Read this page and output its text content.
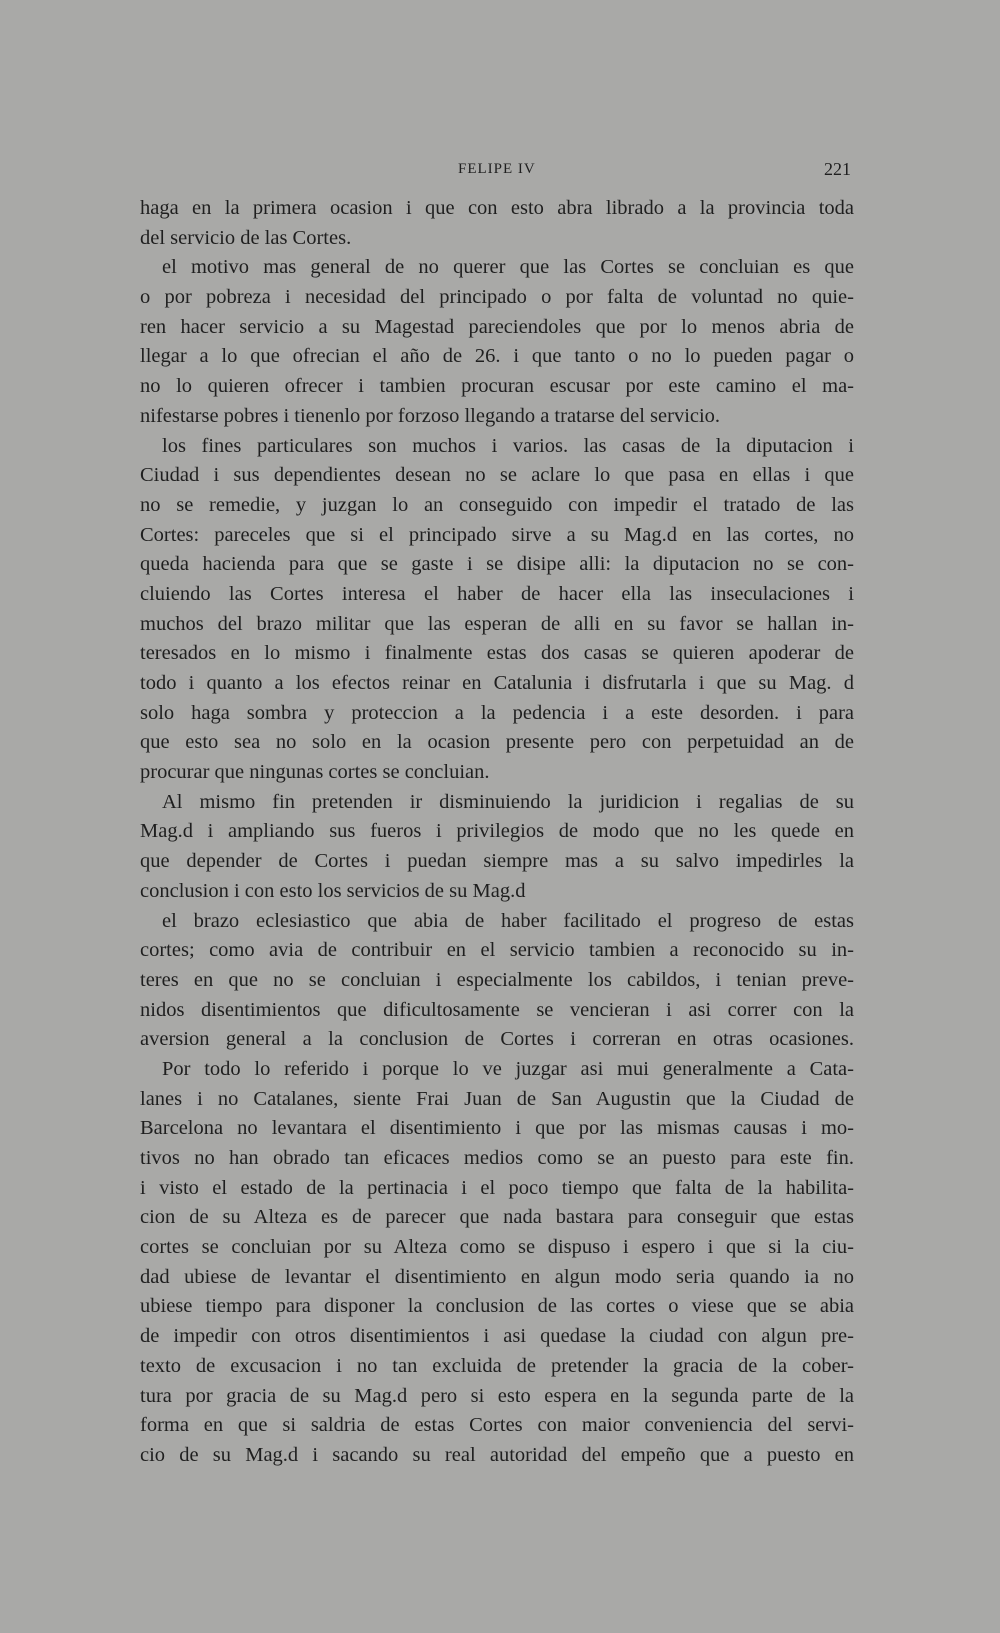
FELIPE IV	221
haga en la primera ocasion i que con esto abra librado a la provincia toda
del servicio de las Cortes.
el motivo mas general de no querer que las Cortes se concluian es que
o por pobreza i necesidad del principado o por falta de voluntad no quie-
ren hacer servicio a su Magestad pareciendoles que por lo menos abria de
llegar a lo que ofrecian el año de 26. i que tanto o no lo pueden pagar o
no lo quieren ofrecer i tambien procuran escusar por este camino el ma-
nifestarse pobres i tienenlo por forzoso llegando a tratarse del servicio.
los fines particulares son muchos i varios. las casas de la diputacion i
Ciudad i sus dependientes desean no se aclare lo que pasa en ellas i que
no se remedie, y juzgan lo an conseguido con impedir el tratado de las
Cortes: pareceles que si el principado sirve a su Mag.d en las cortes, no
queda hacienda para que se gaste i se disipe alli: la diputacion no se con-
cluiendo las Cortes interesa el haber de hacer ella las inseculaciones i
muchos del brazo militar que las esperan de alli en su favor se hallan in-
teresados en lo mismo i finalmente estas dos casas se quieren apoderar de
todo i quanto a los efectos reinar en Catalunia i disfrutarla i que su Mag. d
solo haga sombra y proteccion a la pedencia i a este desorden. i para
que esto sea no solo en la ocasion presente pero con perpetuidad an de
procurar que ningunas cortes se concluian.
Al mismo fin pretenden ir disminuiendo la juridicion i regalias de su
Mag.d i ampliando sus fueros i privilegios de modo que no les quede en
que depender de Cortes i puedan siempre mas a su salvo impedirles la
conclusion i con esto los servicios de su Mag.d
el brazo eclesiastico que abia de haber facilitado el progreso de estas
cortes; como avia de contribuir en el servicio tambien a reconocido su in-
teres en que no se concluian i especialmente los cabildos, i tenian preve-
nidos disentimientos que dificultosamente se vencieran i asi correr con la
aversion general a la conclusion de Cortes i correran en otras ocasiones.
Por todo lo referido i porque lo ve juzgar asi mui generalmente a Cata-
lanes i no Catalanes, siente Frai Juan de San Augustin que la Ciudad de
Barcelona no levantara el disentimiento i que por las mismas causas i mo-
tivos no han obrado tan eficaces medios como se an puesto para este fin.
i visto el estado de la pertinacia i el poco tiempo que falta de la habilita-
cion de su Alteza es de parecer que nada bastara para conseguir que estas
cortes se concluian por su Alteza como se dispuso i espero i que si la ciu-
dad ubiese de levantar el disentimiento en algun modo seria quando ia no
ubiese tiempo para disponer la conclusion de las cortes o viese que se abia
de impedir con otros disentimientos i asi quedase la ciudad con algun pre-
texto de excusacion i no tan excluida de pretender la gracia de la cober-
tura por gracia de su Mag.d pero si esto espera en la segunda parte de la
forma en que si saldria de estas Cortes con maior conveniencia del servi-
cio de su Mag.d i sacando su real autoridad del empeño que a puesto en
